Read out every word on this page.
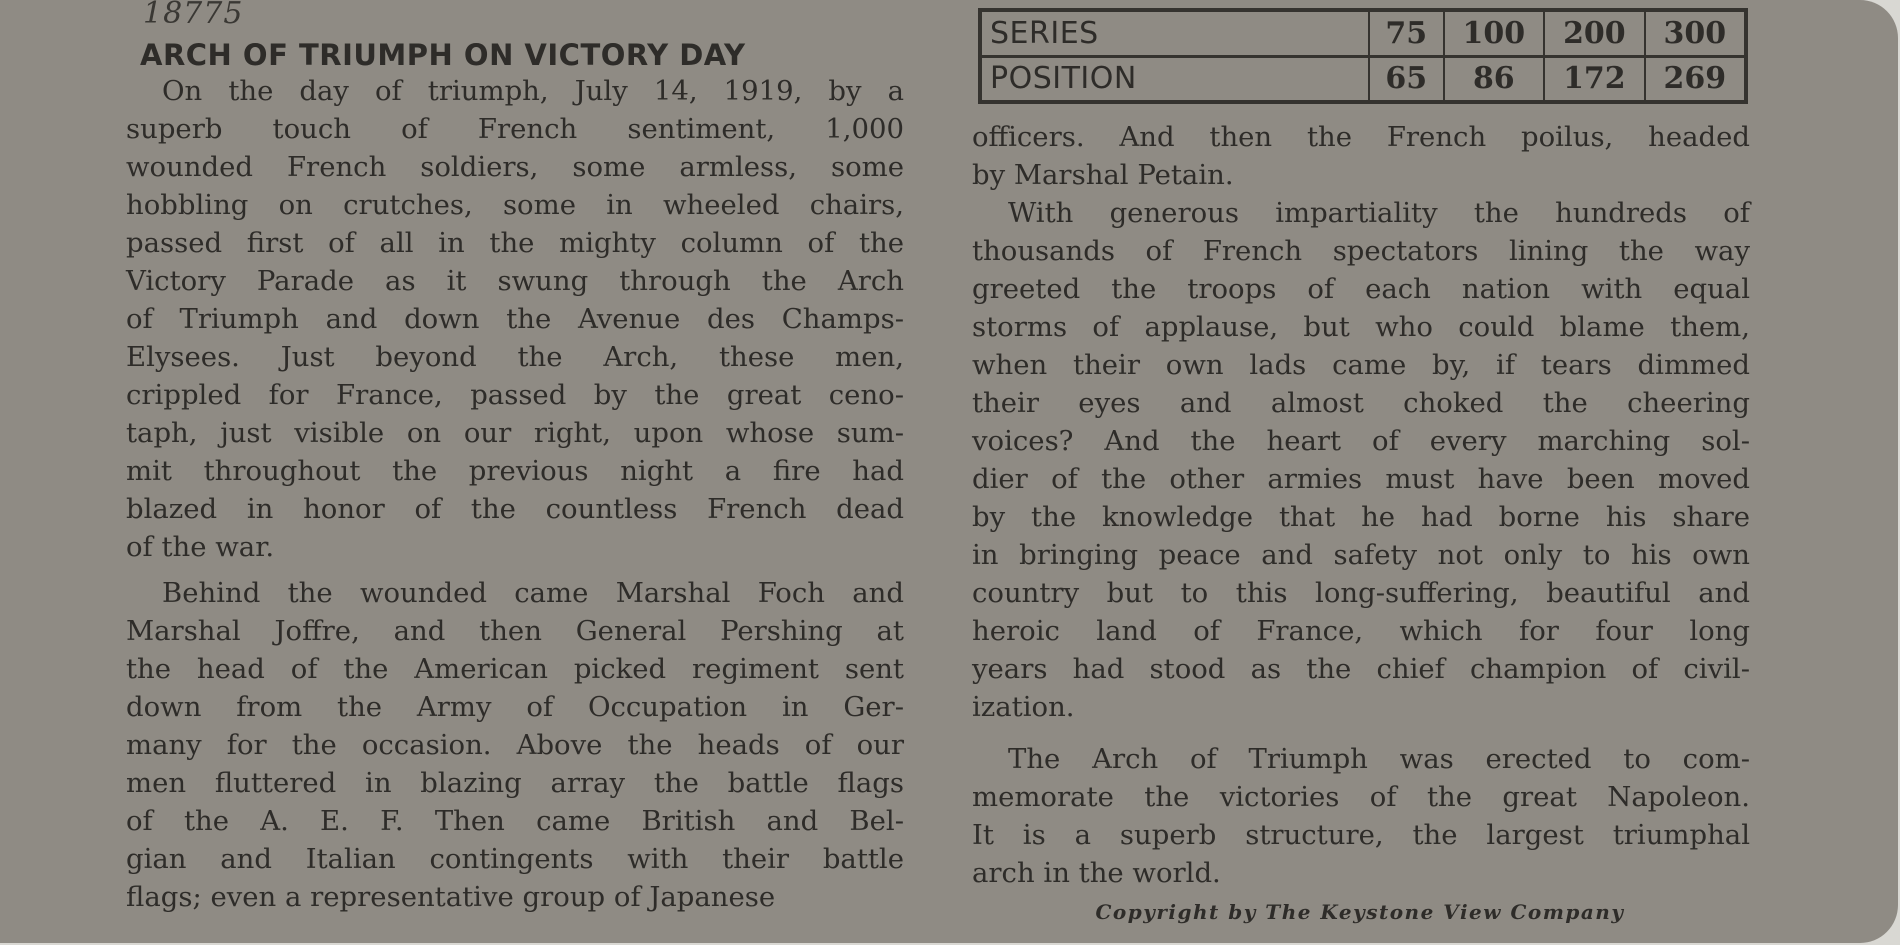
18775
ARCH OF TRIUMPH ON VICTORY DAY
SERIES	75	100	200	300
POSITION	65	86	172	269

On the day of triumph, July 14, 1919, by a
superb touch of French sentiment, 1,000
wounded French soldiers, some armless, some
hobbling on crutches, some in wheeled chairs,
passed first of all in the mighty column of the
Victory Parade as it swung through the Arch
of Triumph and down the Avenue des Champs-
Elysees. Just beyond the Arch, these men,
crippled for France, passed by the great ceno-
taph, just visible on our right, upon whose sum-
mit throughout the previous night a fire had
blazed in honor of the countless French dead
of the war.

Behind the wounded came Marshal Foch and
Marshal Joffre, and then General Pershing at
the head of the American picked regiment sent
down from the Army of Occupation in Ger-
many for the occasion. Above the heads of our
men fluttered in blazing array the battle flags
of the A. E. F. Then came British and Bel-
gian and Italian contingents with their battle
flags; even a representative group of Japanese

officers. And then the French poilus, headed
by Marshal Petain.

With generous impartiality the hundreds of
thousands of French spectators lining the way
greeted the troops of each nation with equal
storms of applause, but who could blame them,
when their own lads came by, if tears dimmed
their eyes and almost choked the cheering
voices? And the heart of every marching sol-
dier of the other armies must have been moved
by the knowledge that he had borne his share
in bringing peace and safety not only to his own
country but to this long-suffering, beautiful and
heroic land of France, which for four long
years had stood as the chief champion of civil-
ization.

The Arch of Triumph was erected to com-
memorate the victories of the great Napoleon.
It is a superb structure, the largest triumphal
arch in the world.

Copyright by The Keystone View Company
